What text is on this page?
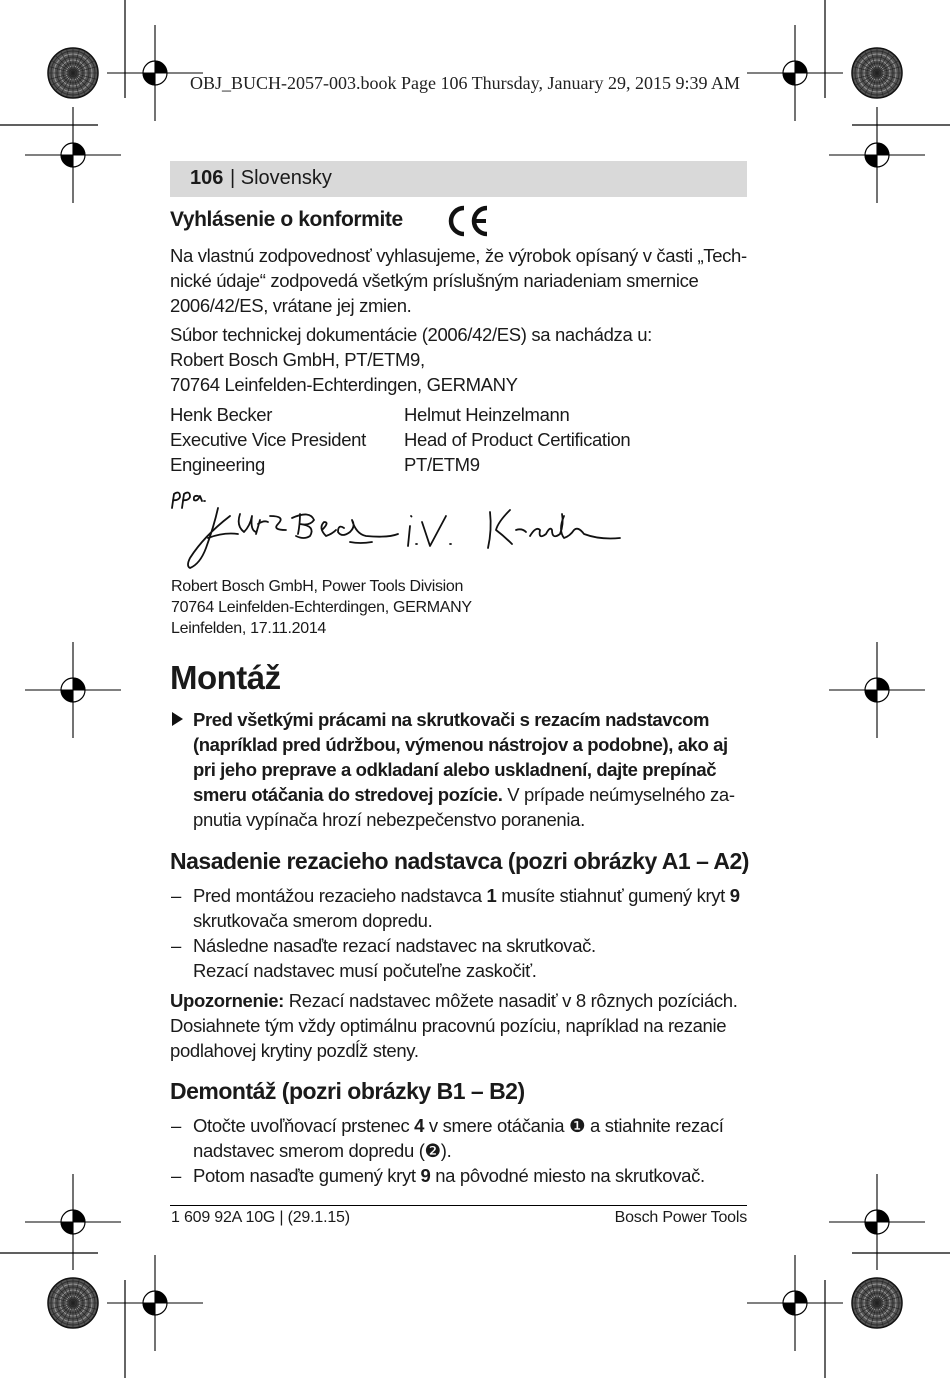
OBJ_BUCH-2057-003.book Page 106 Thursday, January 29, 2015 9:39 AM
106 | Slovensky
Vyhlásenie o konformite
Na vlastnú zodpovednosť vyhlasujeme, že výrobok opísaný v časti „Tech-
nické údaje“ zodpovedá všetkým príslušným nariadeniam smernice
2006/42/ES, vrátane jej zmien.
Súbor technickej dokumentácie (2006/42/ES) sa nachádza u:
Robert Bosch GmbH, PT/ETM9,
70764 Leinfelden-Echterdingen, GERMANY
Henk Becker
Executive Vice President
Engineering
Helmut Heinzelmann
Head of Product Certification
PT/ETM9
Robert Bosch GmbH, Power Tools Division
70764 Leinfelden-Echterdingen, GERMANY
Leinfelden, 17.11.2014
Montáž
Pred všetkými prácami na skrutkovači s rezacím nadstavcom
(napríklad pred údržbou, výmenou nástrojov a podobne), ako aj
pri jeho preprave a odkladaní alebo uskladnení, dajte prepínač
smeru otáčania do stredovej pozície. V prípade neúmyselného za-
pnutia vypínača hrozí nebezpečenstvo poranenia.
Nasadenie rezacieho nadstavca (pozri obrázky A1 – A2)
– Pred montážou rezacieho nadstavca 1 musíte stiahnuť gumený kryt 9
skrutkovača smerom dopredu.
– Následne nasaďte rezací nadstavec na skrutkovač.
Rezací nadstavec musí počuteľne zaskočiť.
Upozornenie: Rezací nadstavec môžete nasadiť v 8 rôznych pozíciách.
Dosiahnete tým vždy optimálnu pracovnú pozíciu, napríklad na rezanie
podlahovej krytiny pozdĺž steny.
Demontáž (pozri obrázky B1 – B2)
– Otočte uvoľňovací prstenec 4 v smere otáčania ❶ a stiahnite rezací
nadstavec smerom dopredu (❷).
– Potom nasaďte gumený kryt 9 na pôvodné miesto na skrutkovač.
1 609 92A 10G | (29.1.15)	Bosch Power Tools
